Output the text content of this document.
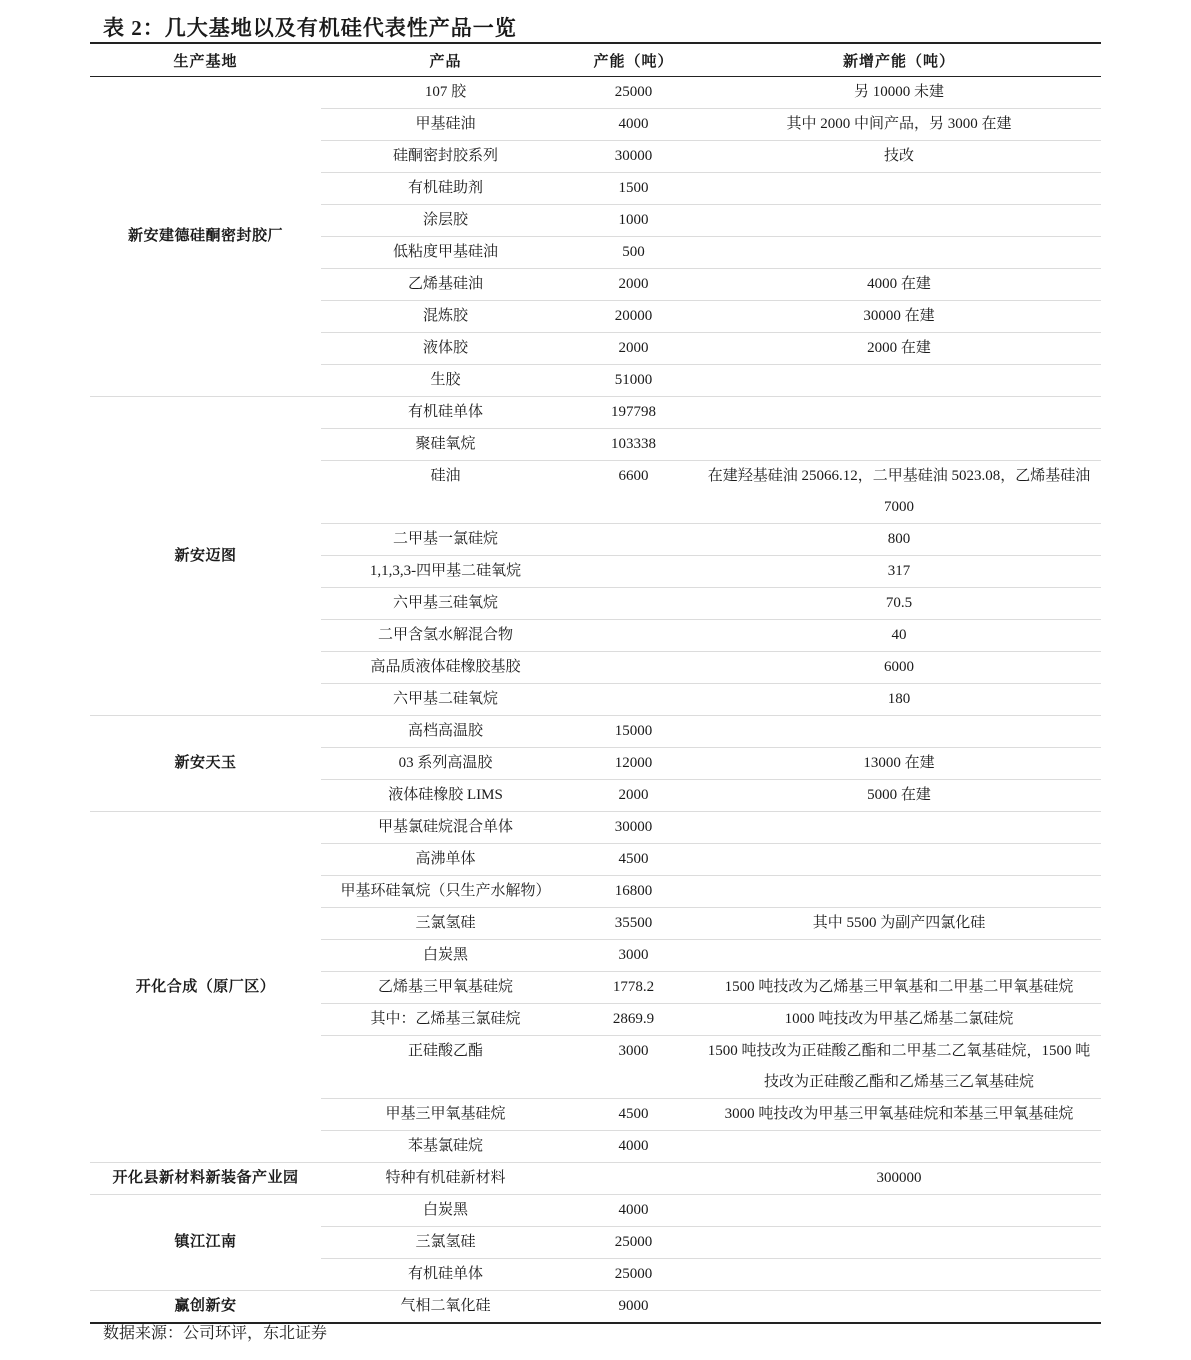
表 2：几大基地以及有机硅代表性产品一览
生产基地	产品	产能（吨）	新增产能（吨）
新安建德硅酮密封胶厂	107 胶	25000	另 10000 未建
	甲基硅油	4000	其中 2000 中间产品，另 3000 在建
	硅酮密封胶系列	30000	技改
	有机硅助剂	1500	
	涂层胶	1000	
	低粘度甲基硅油	500	
	乙烯基硅油	2000	4000 在建
	混炼胶	20000	30000 在建
	液体胶	2000	2000 在建
	生胶	51000	
新安迈图	有机硅单体	197798	
	聚硅氧烷	103338	
	硅油	6600	在建羟基硅油 25066.12，二甲基硅油 5023.08，乙烯基硅油 7000
	二甲基一氯硅烷		800
	1,1,3,3-四甲基二硅氧烷		317
	六甲基三硅氧烷		70.5
	二甲含氢水解混合物		40
	高品质液体硅橡胶基胶		6000
	六甲基二硅氧烷		180
新安天玉	高档高温胶	15000	
	03 系列高温胶	12000	13000 在建
	液体硅橡胶 LIMS	2000	5000 在建
开化合成（原厂区）	甲基氯硅烷混合单体	30000	
	高沸单体	4500	
	甲基环硅氧烷（只生产水解物）	16800	
	三氯氢硅	35500	其中 5500 为副产四氯化硅
	白炭黑	3000	
	乙烯基三甲氧基硅烷	1778.2	1500 吨技改为乙烯基三甲氧基和二甲基二甲氧基硅烷
	其中：乙烯基三氯硅烷	2869.9	1000 吨技改为甲基乙烯基二氯硅烷
	正硅酸乙酯	3000	1500 吨技改为正硅酸乙酯和二甲基二乙氧基硅烷，1500 吨技改为正硅酸乙酯和乙烯基三乙氧基硅烷
	甲基三甲氧基硅烷	4500	3000 吨技改为甲基三甲氧基硅烷和苯基三甲氧基硅烷
	苯基氯硅烷	4000	
开化县新材料新装备产业园	特种有机硅新材料		300000
镇江江南	白炭黑	4000	
	三氯氢硅	25000	
	有机硅单体	25000	
赢创新安	气相二氧化硅	9000	
数据来源：公司环评，东北证券
